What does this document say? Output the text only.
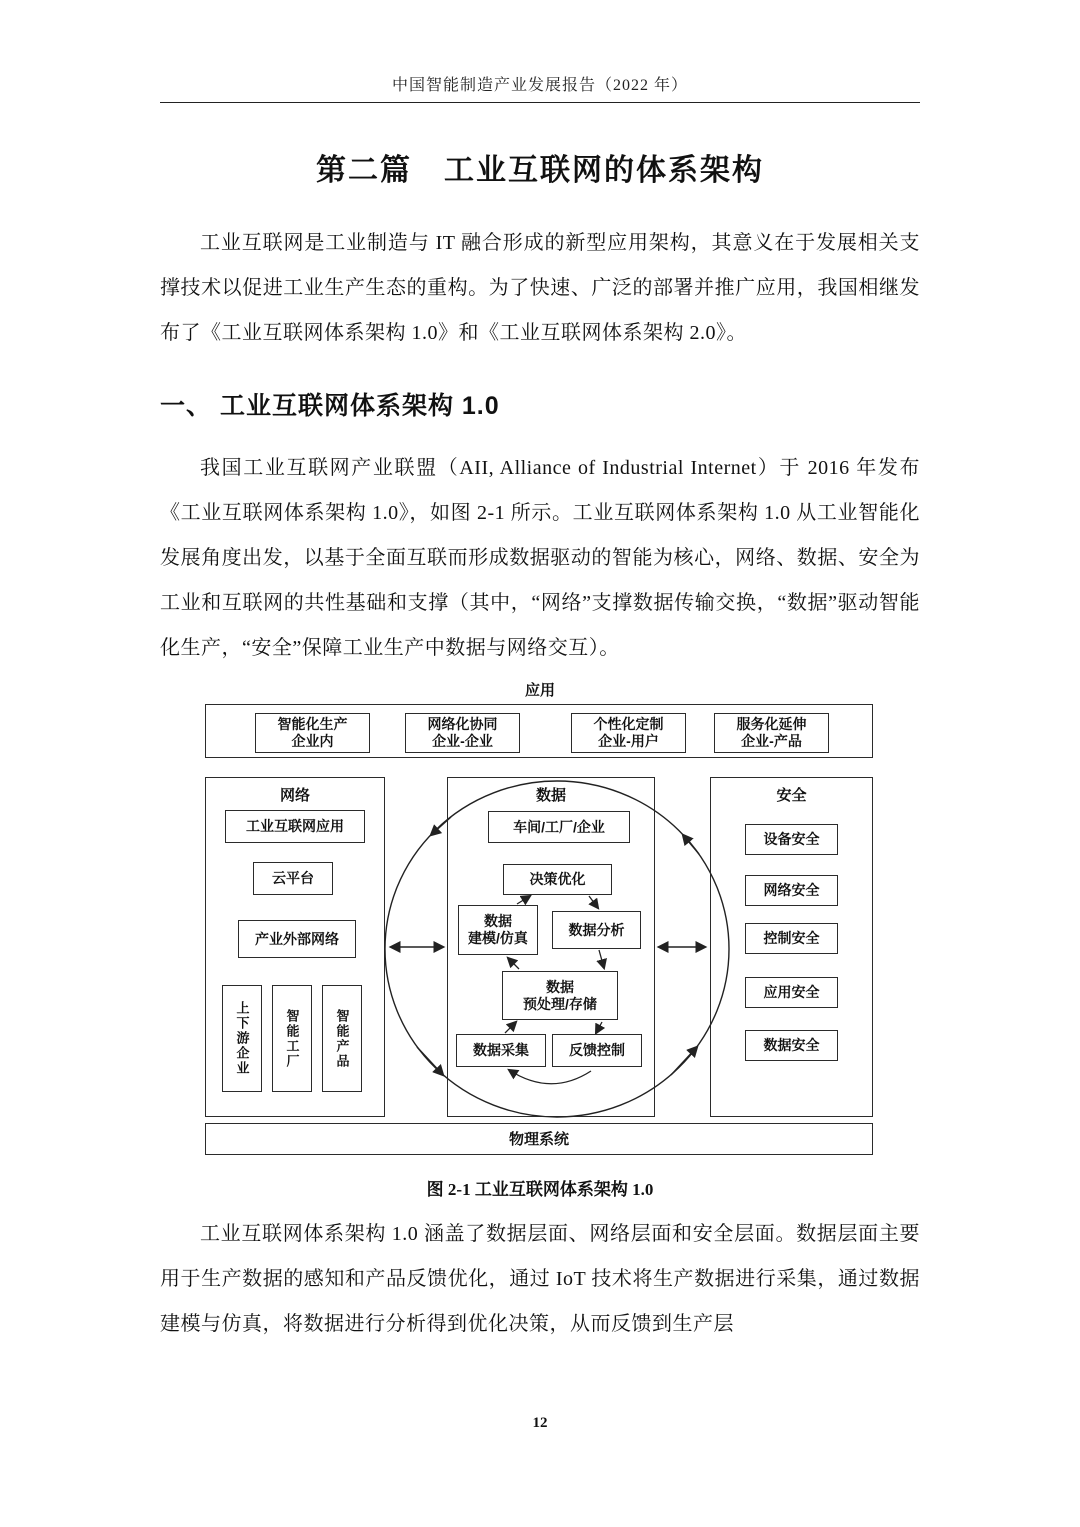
中国智能制造产业发展报告（2022 年）
第二篇　工业互联网的体系架构

工业互联网是工业制造与 IT 融合形成的新型应用架构，其意义在于发展相关支撑技术以促进工业生产生态的重构。为了快速、广泛的部署并推广应用，我国相继发布了《工业互联网体系架构 1.0》和《工业互联网体系架构 2.0》。

一、 工业互联网体系架构 1.0

我国工业互联网产业联盟（AII, Alliance of Industrial Internet）于 2016 年发布《工业互联网体系架构 1.0》，如图 2-1 所示。工业互联网体系架构 1.0 从工业智能化发展角度出发，以基于全面互联而形成数据驱动的智能为核心，网络、数据、安全为工业和互联网的共性基础和支撑（其中，“网络”支撑数据传输交换，“数据”驱动智能化生产，“安全”保障工业生产中数据与网络交互）。

应用
网络	数据	安全
智能化生产
企业内
网络化协同
企业-企业
个性化定制
企业-用户
服务化延伸
企业-产品
工业互联网应用
云平台
产业外部网络
上下游企业	智能工厂	智能产品
车间/工厂/企业
决策优化
数据
建模/仿真
数据分析
数据
预处理/存储
数据采集	反馈控制
设备安全
网络安全
控制安全
应用安全
数据安全
物理系统
图 2-1 工业互联网体系架构 1.0

工业互联网体系架构 1.0 涵盖了数据层面、网络层面和安全层面。数据层面主要用于生产数据的感知和产品反馈优化，通过 IoT 技术将生产数据进行采集，通过数据建模与仿真，将数据进行分析得到优化决策，从而反馈到生产层

12
